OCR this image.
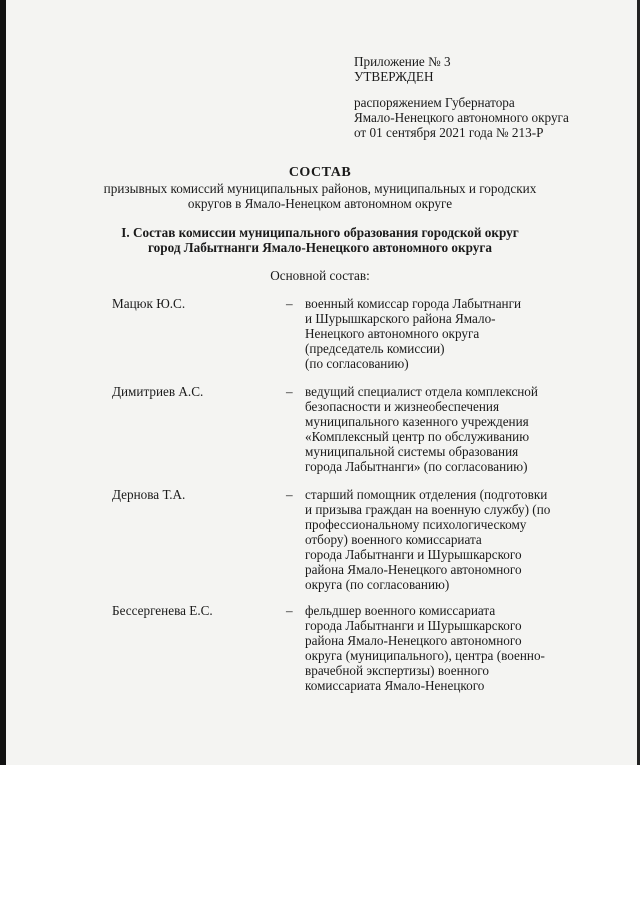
Приложение № 3
УТВЕРЖДЕН
распоряжением Губернатора
Ямало-Ненецкого автономного округа
от 01 сентября 2021 года № 213-Р
СОСТАВ
призывных комиссий муниципальных районов, муниципальных и городских
округов в Ямало-Ненецком автономном округе
I. Состав комиссии муниципального образования городской округ
город Лабытнанги Ямало-Ненецкого автономного округа
Основной состав:
Мацюк Ю.С.	– военный комиссар города Лабытнанги
и Шурышкарского района Ямало-
Ненецкого автономного округа
(председатель комиссии)
(по согласованию)
Димитриев А.С.	– ведущий специалист отдела комплексной
безопасности и жизнеобеспечения
муниципального казенного учреждения
«Комплексный центр по обслуживанию
муниципальной системы образования
города Лабытнанги» (по согласованию)
Дернова Т.А.	– старший помощник отделения (подготовки
и призыва граждан на военную службу) (по
профессиональному психологическому
отбору) военного комиссариата
города Лабытнанги и Шурышкарского
района Ямало-Ненецкого автономного
округа (по согласованию)
Бессергенева Е.С.	– фельдшер военного комиссариата
города Лабытнанги и Шурышкарского
района Ямало-Ненецкого автономного
округа (муниципального), центра (военно-
врачебной экспертизы) военного
комиссариата Ямало-Ненецкого
